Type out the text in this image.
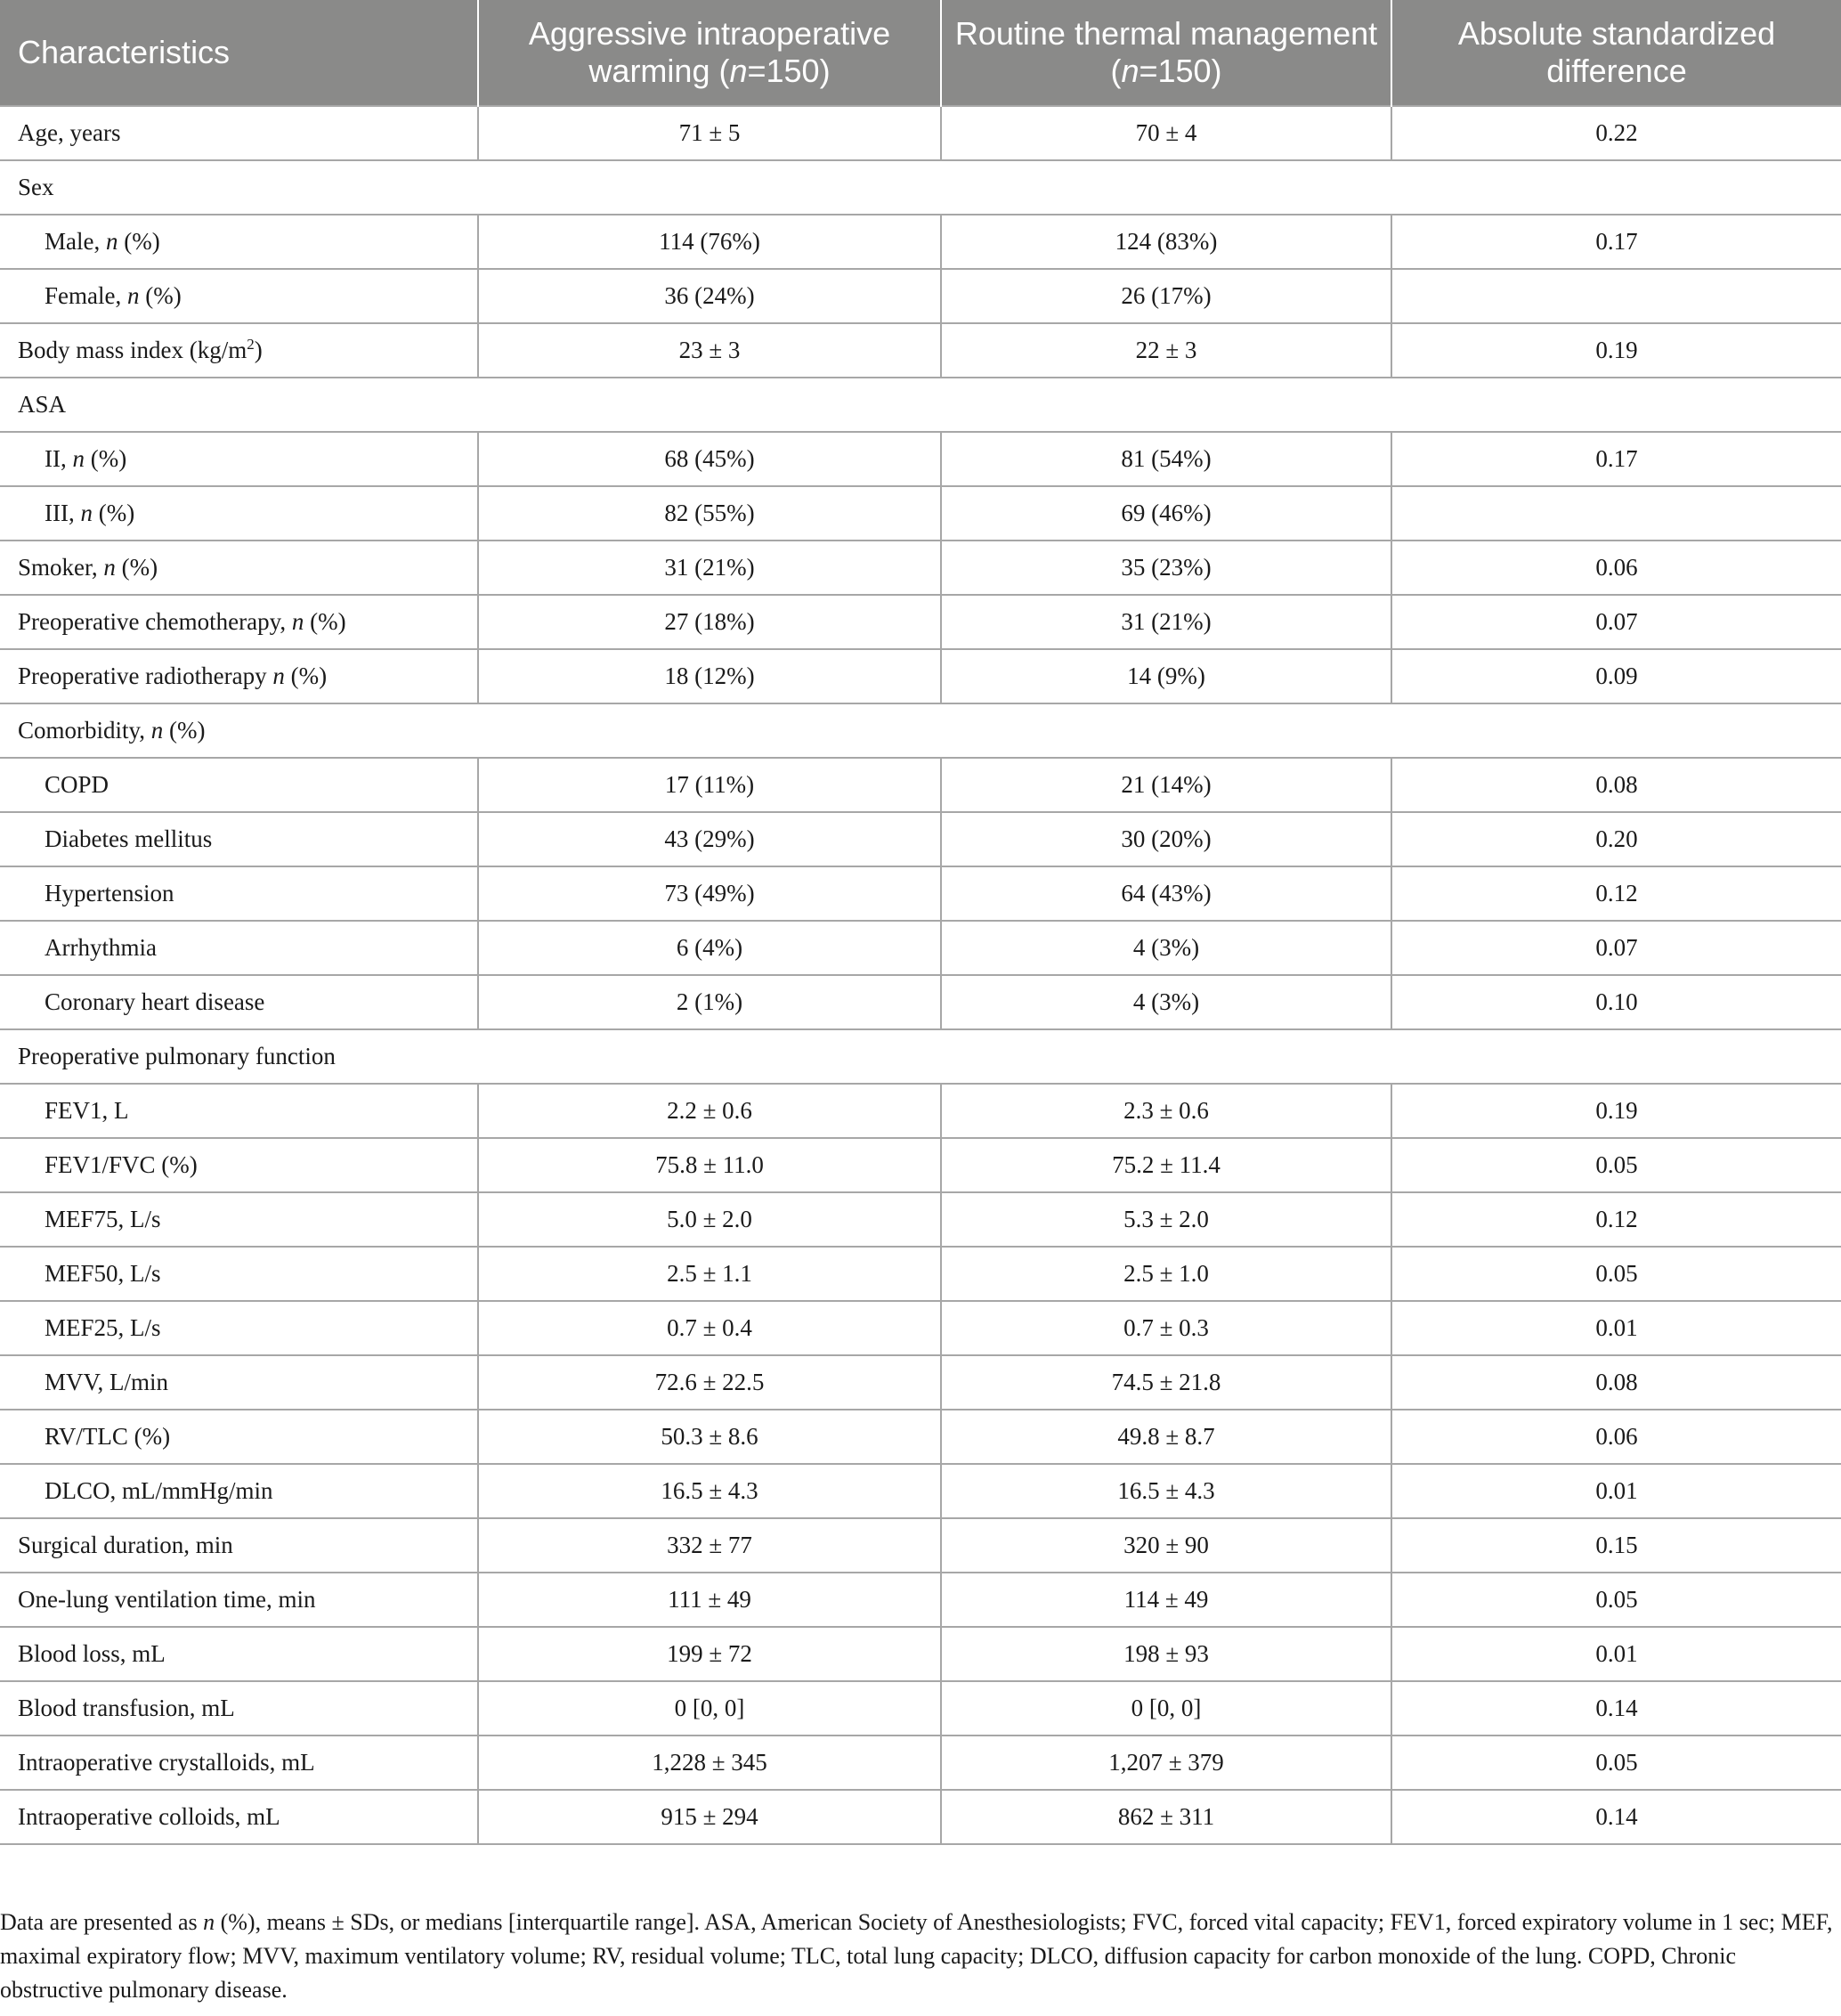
Characteristics	Aggressive intraoperative warming (n=150)	Routine thermal management (n=150)	Absolute standardized difference
Age, years	71 ± 5	70 ± 4	0.22
Sex			
Male, n (%)	114 (76%)	124 (83%)	0.17
Female, n (%)	36 (24%)	26 (17%)	
Body mass index $(kg/m^2)$	23 ± 3	22 ± 3	0.19
ASA			
II, n (%)	68 (45%)	81 (54%)	0.17
III, n (%)	82 (55%)	69 (46%)	
Smoker, n (%)	31 (21%)	35 (23%)	0.06
Preoperative chemotherapy, n (%)	27 (18%)	31 (21%)	0.07
Preoperative radiotherapy n (%)	18 (12%)	14 (9%)	0.09
Comorbidity, n (%)			
COPD	17 (11%)	21 (14%)	0.08
Diabetes mellitus	43 (29%)	30 (20%)	0.20
Hypertension	73 (49%)	64 (43%)	0.12
Arrhythmia	6 (4%)	4 (3%)	0.07
Coronary heart disease	2 (1%)	4 (3%)	0.10
Preoperative pulmonary function			
FEV1, L	2.2 ± 0.6	2.3 ± 0.6	0.19
FEV1/FVC (%)	75.8 ± 11.0	75.2 ± 11.4	0.05
MEF75, L/s	5.0 ± 2.0	5.3 ± 2.0	0.12
MEF50, L/s	2.5 ± 1.1	2.5 ± 1.0	0.05
MEF25, L/s	0.7 ± 0.4	0.7 ± 0.3	0.01
MVV, L/min	72.6 ± 22.5	74.5 ± 21.8	0.08
RV/TLC (%)	50.3 ± 8.6	49.8 ± 8.7	0.06
DLCO, mL/mmHg/min	16.5 ± 4.3	16.5 ± 4.3	0.01
Surgical duration, min	332 ± 77	320 ± 90	0.15
One-lung ventilation time, min	111 ± 49	114 ± 49	0.05
Blood loss, mL	199 ± 72	198 ± 93	0.01
Blood transfusion, mL	0 [0, 0]	0 [0, 0]	0.14
Intraoperative crystalloids, mL	1,228 ± 345	1,207 ± 379	0.05
Intraoperative colloids, mL	915 ± 294	862 ± 311	0.14
Data are presented as n (%), means ± SDs, or medians [interquartile range]. ASA, American Society of Anesthesiologists; FVC, forced vital capacity; FEV1, forced expiratory volume in 1 sec; MEF, maximal expiratory flow; MVV, maximum ventilatory volume; RV, residual volume; TLC, total lung capacity; DLCO, diffusion capacity for carbon monoxide of the lung. COPD, Chronic obstructive pulmonary disease.
